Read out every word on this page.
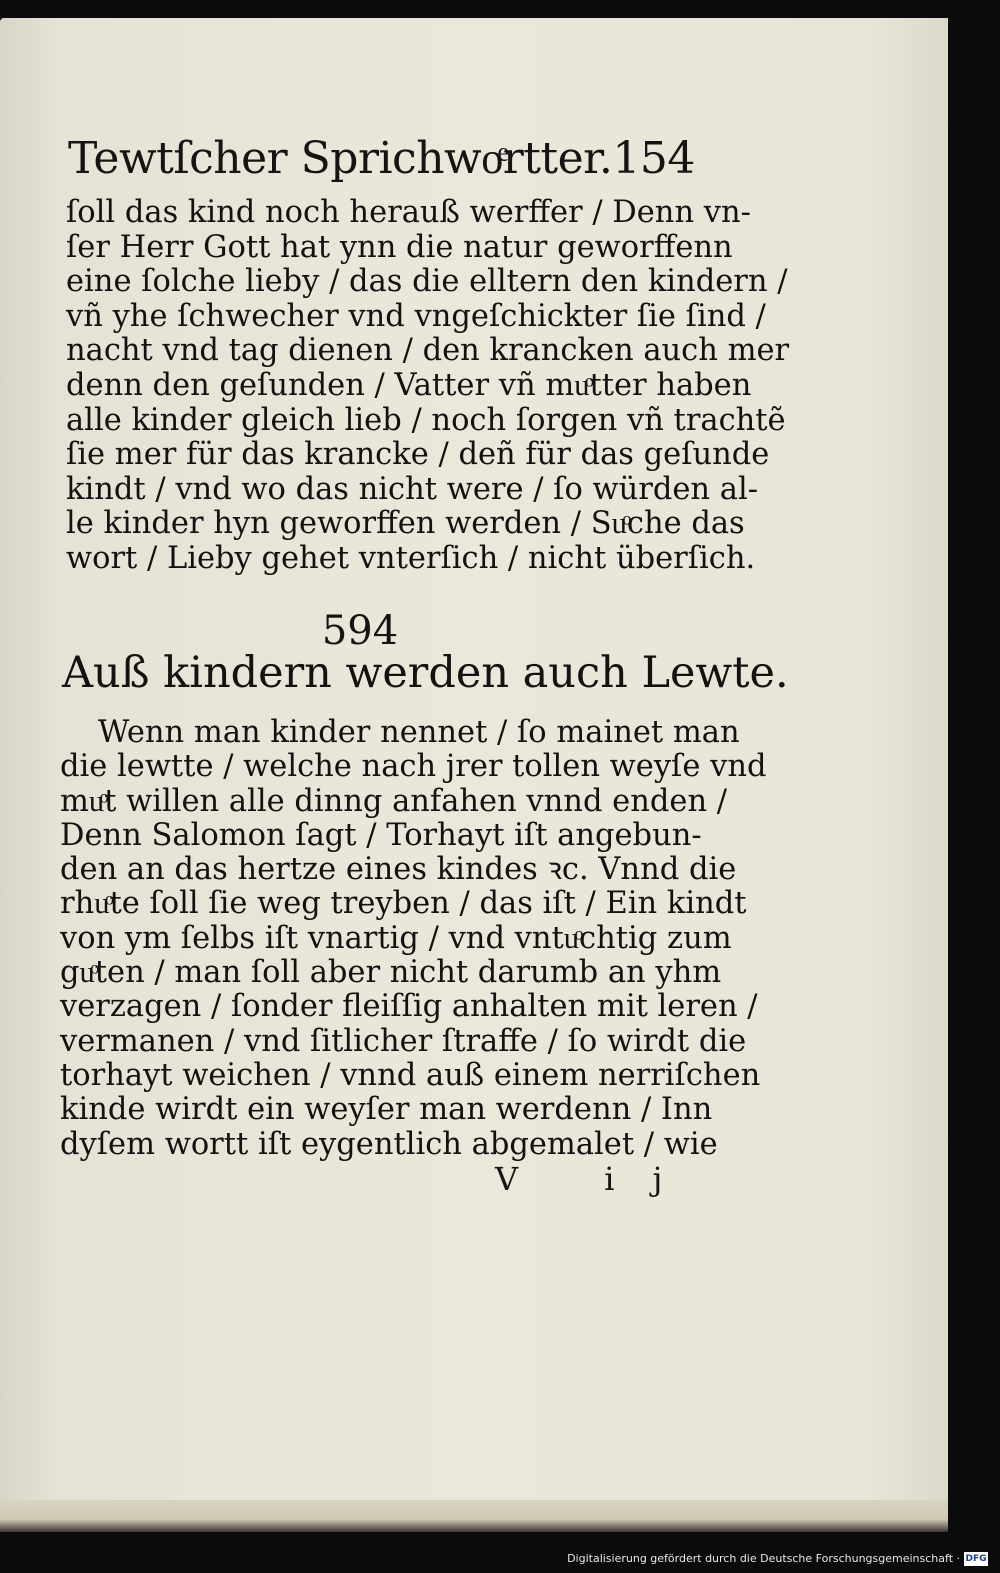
Tewtſcher Sprichwoͤrtter. 154
ſoll das kind noch herauß werffer / Denn vn-
ſer Herr Gott hat ynn die natur geworffenn
eine ſolche lieby / das die elltern den kindern /
vñ yhe ſchwecher vnd vngeſchickter ſie ſind /
nacht vnd tag dienen / den krancken auch mer
denn den geſunden / Vatter vñ muͦtter haben
alle kinder gleich lieb / noch ſorgen vñ trachtẽ
ſie mer für das krancke / deñ für das geſunde
kindt / vnd wo das nicht were / ſo würden al-
le kinder hyn geworffen werden / Suͦche das
wort / Lieby gehet vnterſich / nicht überſich.
594
Auß kindern werden auch Lewte.
Wenn man kinder nennet / ſo mainet man
die lewtte / welche nach jrer tollen weyſe vnd
muͦt willen alle dinng anfahen vnnd enden /
Denn Salomon ſagt / Torhayt iſt angebun-
den an das hertze eines kindes ꝛc. Vnnd die
rhuͦte ſoll ſie weg treyben / das iſt / Ein kindt
von ym ſelbs iſt vnartig / vnd vntuͦchtig zum
guͦten / man ſoll aber nicht darumb an yhm
verzagen / ſonder fleiſſig anhalten mit leren /
vermanen / vnd ſitlicher ſtraffe / ſo wirdt die
torhayt weichen / vnnd auß einem nerriſchen
kinde wirdt ein weyſer man werdenn / Inn
dyſem wortt iſt eygentlich abgemalet / wie
V ij
Digitalisierung gefördert durch die Deutsche Forschungsgemeinschaft · DFG
